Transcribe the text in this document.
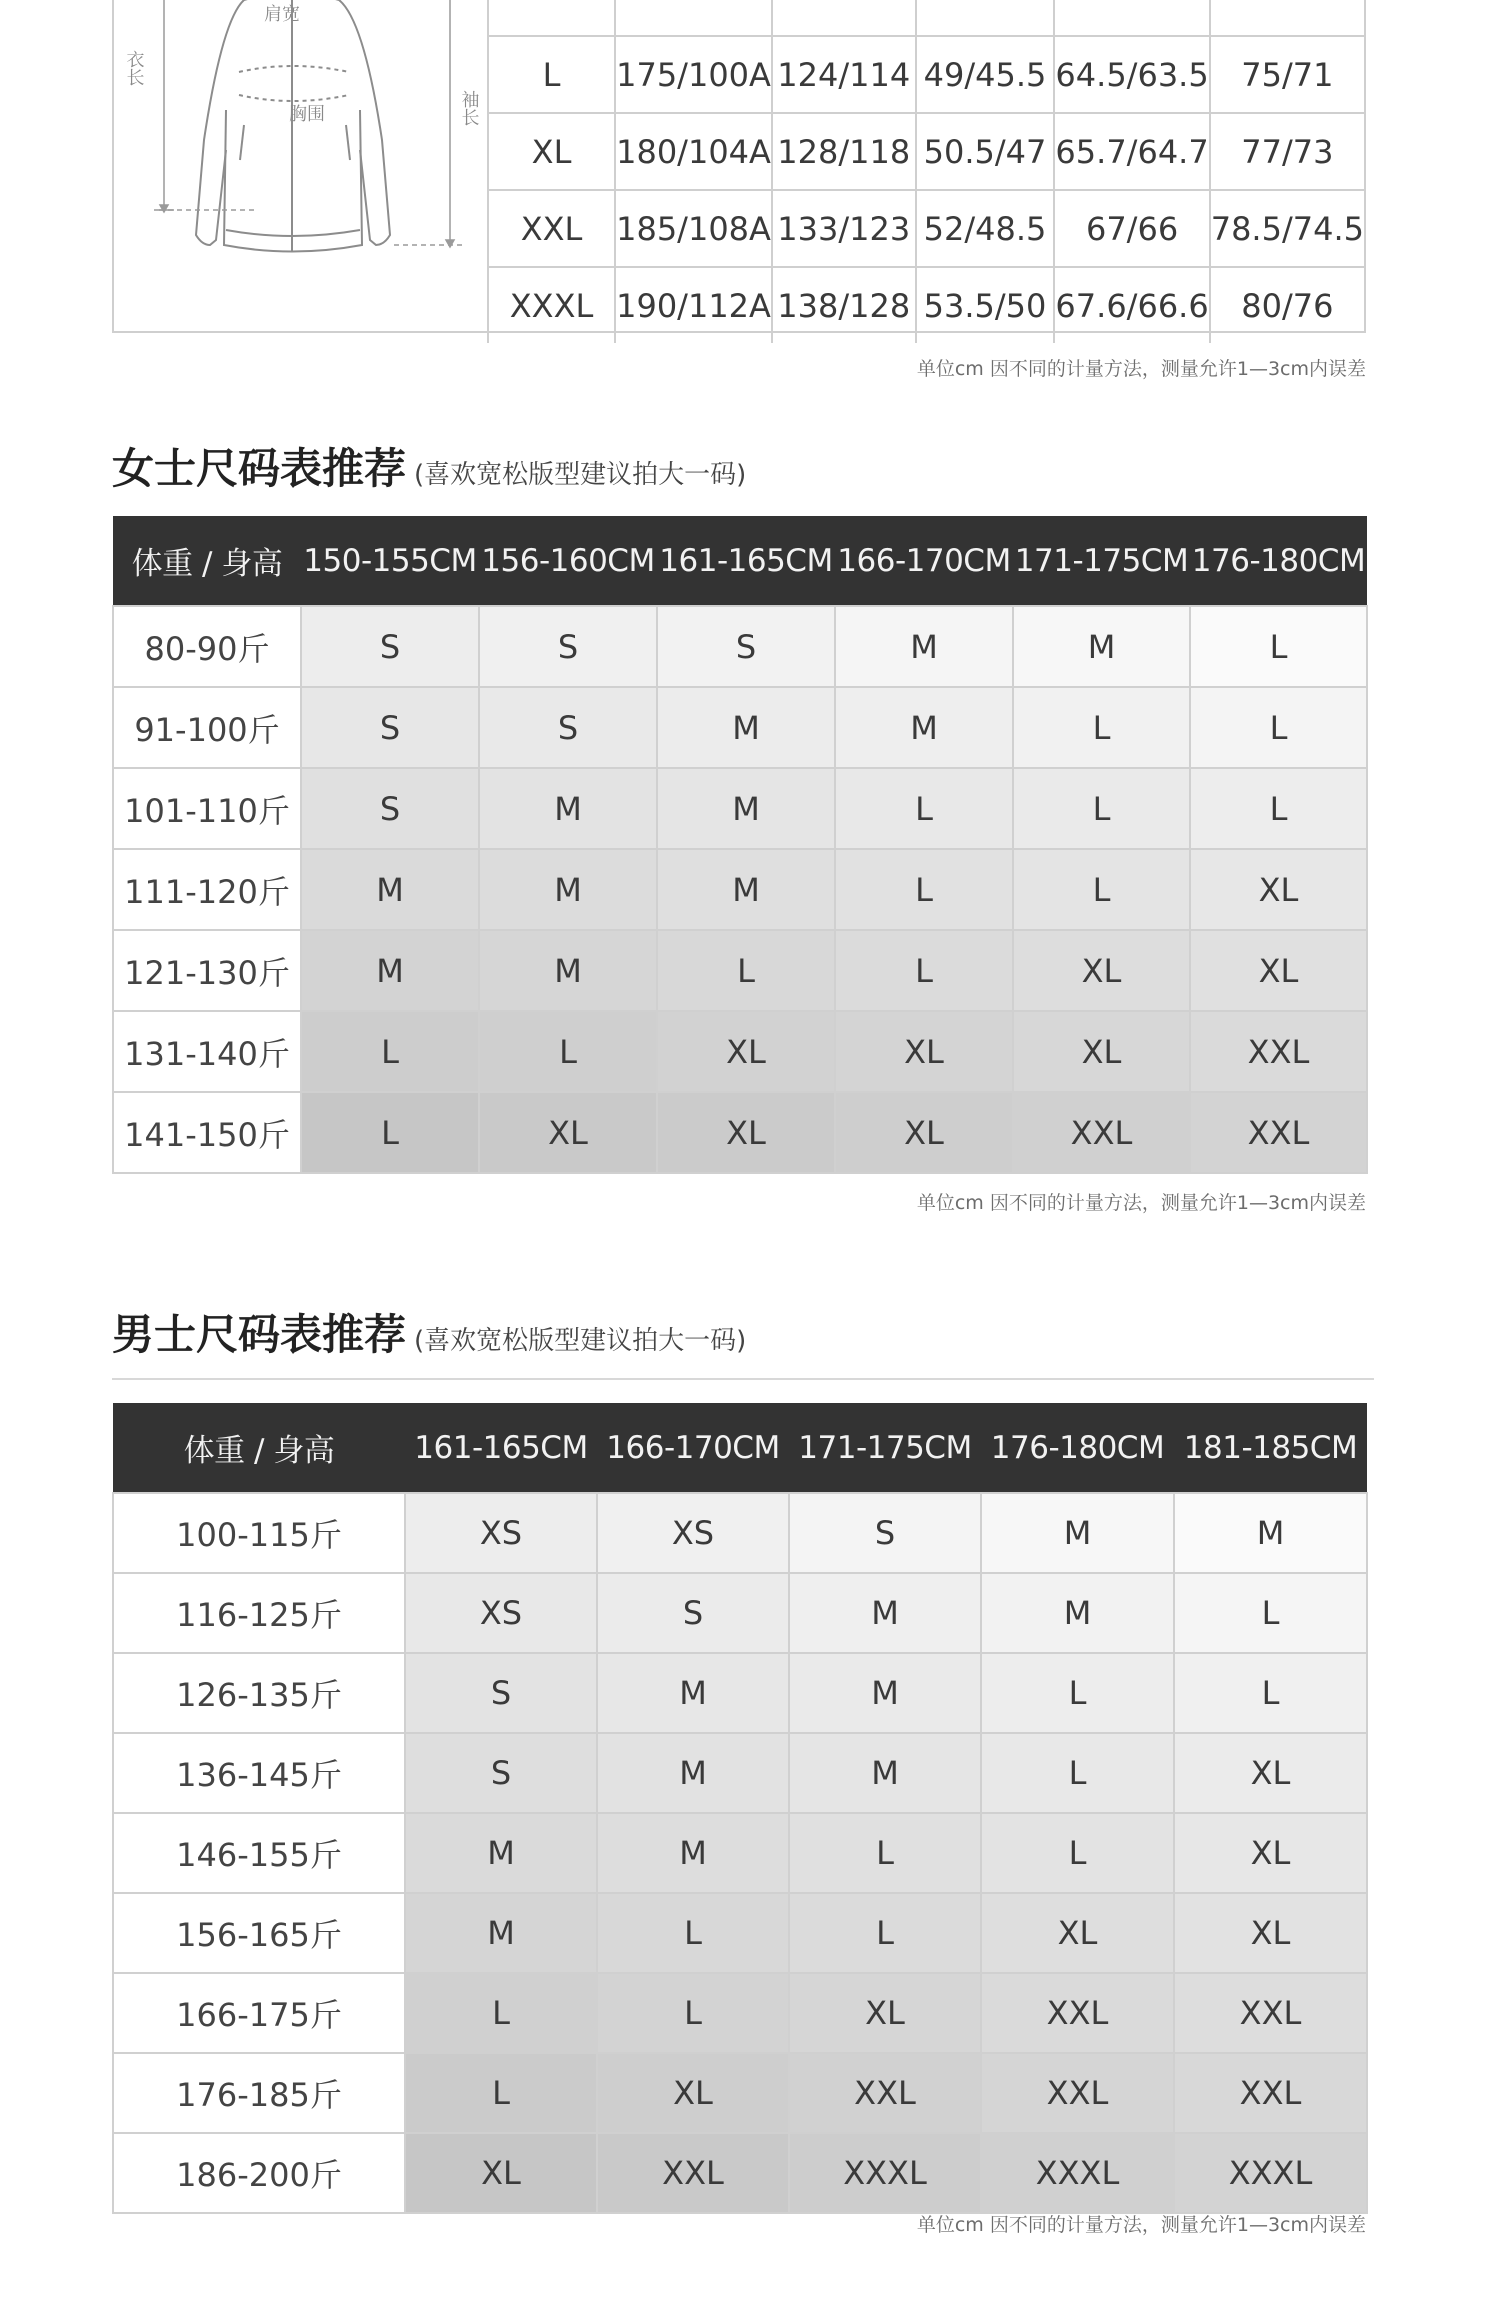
肩宽
胸围
衣长
袖长

L	175/100A	124/114	49/45.5	64.5/63.5	75/71
XL	180/104A	128/118	50.5/47	65.7/64.7	77/73
XXL	185/108A	133/123	52/48.5	67/66	78.5/74.5
XXXL	190/112A	138/128	53.5/50	67.6/66.6	80/76
单位cm 因不同的计量方法，测量允许1—3cm内误差
女士尺码表推荐 (喜欢宽松版型建议拍大一码)
体重 / 身高	150-155CM	156-160CM	161-165CM	166-170CM	171-175CM	176-180CM
80-90斤	S	S	S	M	M	L
91-100斤	S	S	M	M	L	L
101-110斤	S	M	M	L	L	L
111-120斤	M	M	M	L	L	XL
121-130斤	M	M	L	L	XL	XL
131-140斤	L	L	XL	XL	XL	XXL
141-150斤	L	XL	XL	XL	XXL	XXL
单位cm 因不同的计量方法，测量允许1—3cm内误差
男士尺码表推荐 (喜欢宽松版型建议拍大一码)
体重 / 身高	161-165CM	166-170CM	171-175CM	176-180CM	181-185CM
100-115斤	XS	XS	S	M	M
116-125斤	XS	S	M	M	L
126-135斤	S	M	M	L	L
136-145斤	S	M	M	L	XL
146-155斤	M	M	L	L	XL
156-165斤	M	L	L	XL	XL
166-175斤	L	L	XL	XXL	XXL
176-185斤	L	XL	XXL	XXL	XXL
186-200斤	XL	XXL	XXXL	XXXL	XXXL
单位cm 因不同的计量方法，测量允许1—3cm内误差
